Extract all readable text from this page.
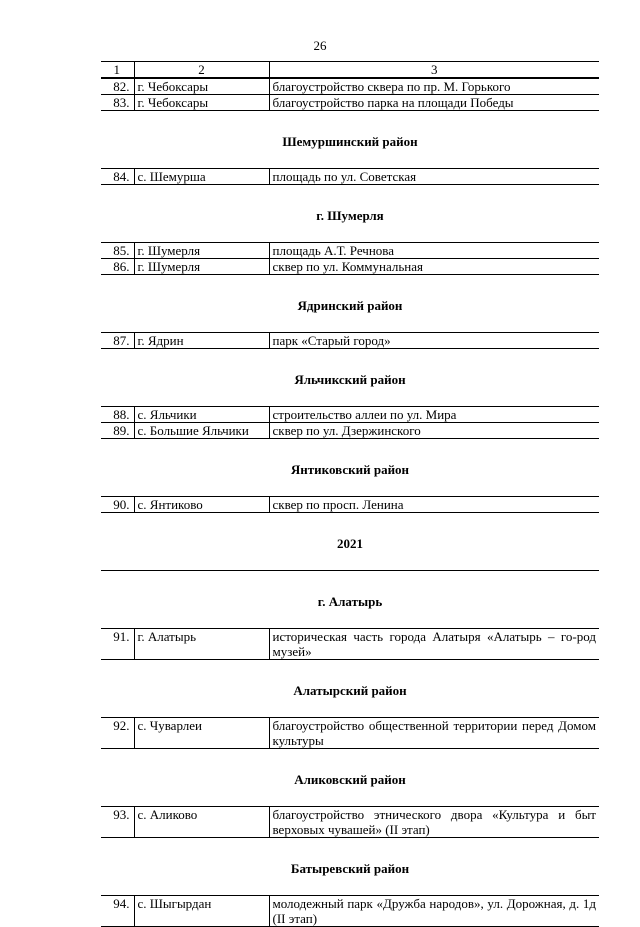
26
1	2	3
82.	г. Чебоксары	благоустройство сквера по пр. М. Горького
83.	г. Чебоксары	благоустройство парка на площади Победы
Шемуршинский район
84.	с. Шемурша	площадь по ул. Советская
г. Шумерля
85.	г. Шумерля	площадь А.Т. Речнова
86.	г. Шумерля	сквер по ул. Коммунальная
Ядринский район
87.	г. Ядрин	парк «Старый город»
Яльчикский район
88.	с. Яльчики	строительство аллеи по ул. Мира
89.	с. Большие Яльчики	сквер по ул. Дзержинского
Янтиковский район
90.	с. Янтиково	сквер по просп. Ленина
2021
г. Алатырь
91.	г. Алатырь	историческая часть города Алатыря «Алатырь – го-род музей»
Алатырский район
92.	с. Чуварлеи	благоустройство общественной территории перед Домом культуры
Аликовский район
93.	с. Аликово	благоустройство этнического двора «Культура и быт верховых чувашей» (II этап)
Батыревский район
94.	с. Шыгырдан	молодежный парк «Дружба народов», ул. Дорожная, д. 1д (II этап)
